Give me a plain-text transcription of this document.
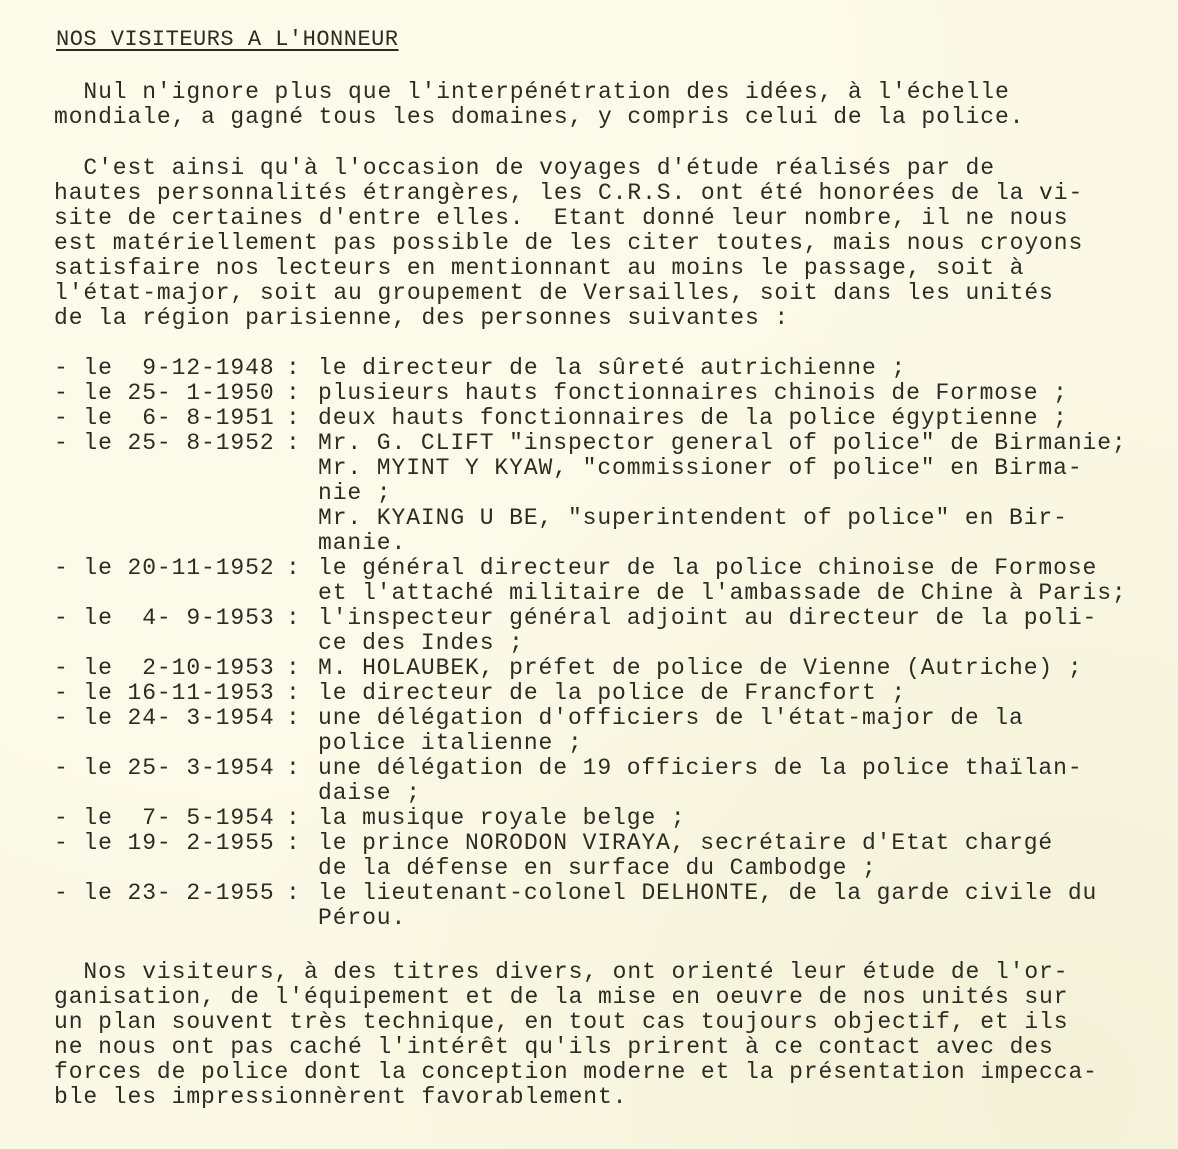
NOS VISITEURS A L'HONNEUR

Nul n'ignore plus que l'interpénétration des idées, à l'échelle
mondiale, a gagné tous les domaines, y compris celui de la police.

C'est ainsi qu'à l'occasion de voyages d'étude réalisés par de
hautes personnalités étrangères, les C.R.S. ont été honorées de la vi-
site de certaines d'entre elles.  Etant donné leur nombre, il ne nous
est matériellement pas possible de les citer toutes, mais nous croyons
satisfaire nos lecteurs en mentionnant au moins le passage, soit à
l'état-major, soit au groupement de Versailles, soit dans les unités
de la région parisienne, des personnes suivantes :

- le  9-12-1948 : le directeur de la sûreté autrichienne ;
- le 25- 1-1950 : plusieurs hauts fonctionnaires chinois de Formose ;
- le  6- 8-1951 : deux hauts fonctionnaires de la police égyptienne ;
- le 25- 8-1952 : Mr. G. CLIFT "inspector general of police" de Birmanie;
Mr. MYINT Y KYAW, "commissioner of police" en Birma-
nie ;
Mr. KYAING U BE, "superintendent of police" en Bir-
manie.
- le 20-11-1952 : le général directeur de la police chinoise de Formose
et l'attaché militaire de l'ambassade de Chine à Paris;
- le  4- 9-1953 : l'inspecteur général adjoint au directeur de la poli-
ce des Indes ;
- le  2-10-1953 : M. HOLAUBEK, préfet de police de Vienne (Autriche) ;
- le 16-11-1953 : le directeur de la police de Francfort ;
- le 24- 3-1954 : une délégation d'officiers de l'état-major de la
police italienne ;
- le 25- 3-1954 : une délégation de 19 officiers de la police thaïlan-
daise ;
- le  7- 5-1954 : la musique royale belge ;
- le 19- 2-1955 : le prince NORODON VIRAYA, secrétaire d'Etat chargé
de la défense en surface du Cambodge ;
- le 23- 2-1955 : le lieutenant-colonel DELHONTE, de la garde civile du
Pérou.

Nos visiteurs, à des titres divers, ont orienté leur étude de l'or-
ganisation, de l'équipement et de la mise en oeuvre de nos unités sur
un plan souvent très technique, en tout cas toujours objectif, et ils
ne nous ont pas caché l'intérêt qu'ils prirent à ce contact avec des
forces de police dont la conception moderne et la présentation impecca-
ble les impressionnèrent favorablement.
